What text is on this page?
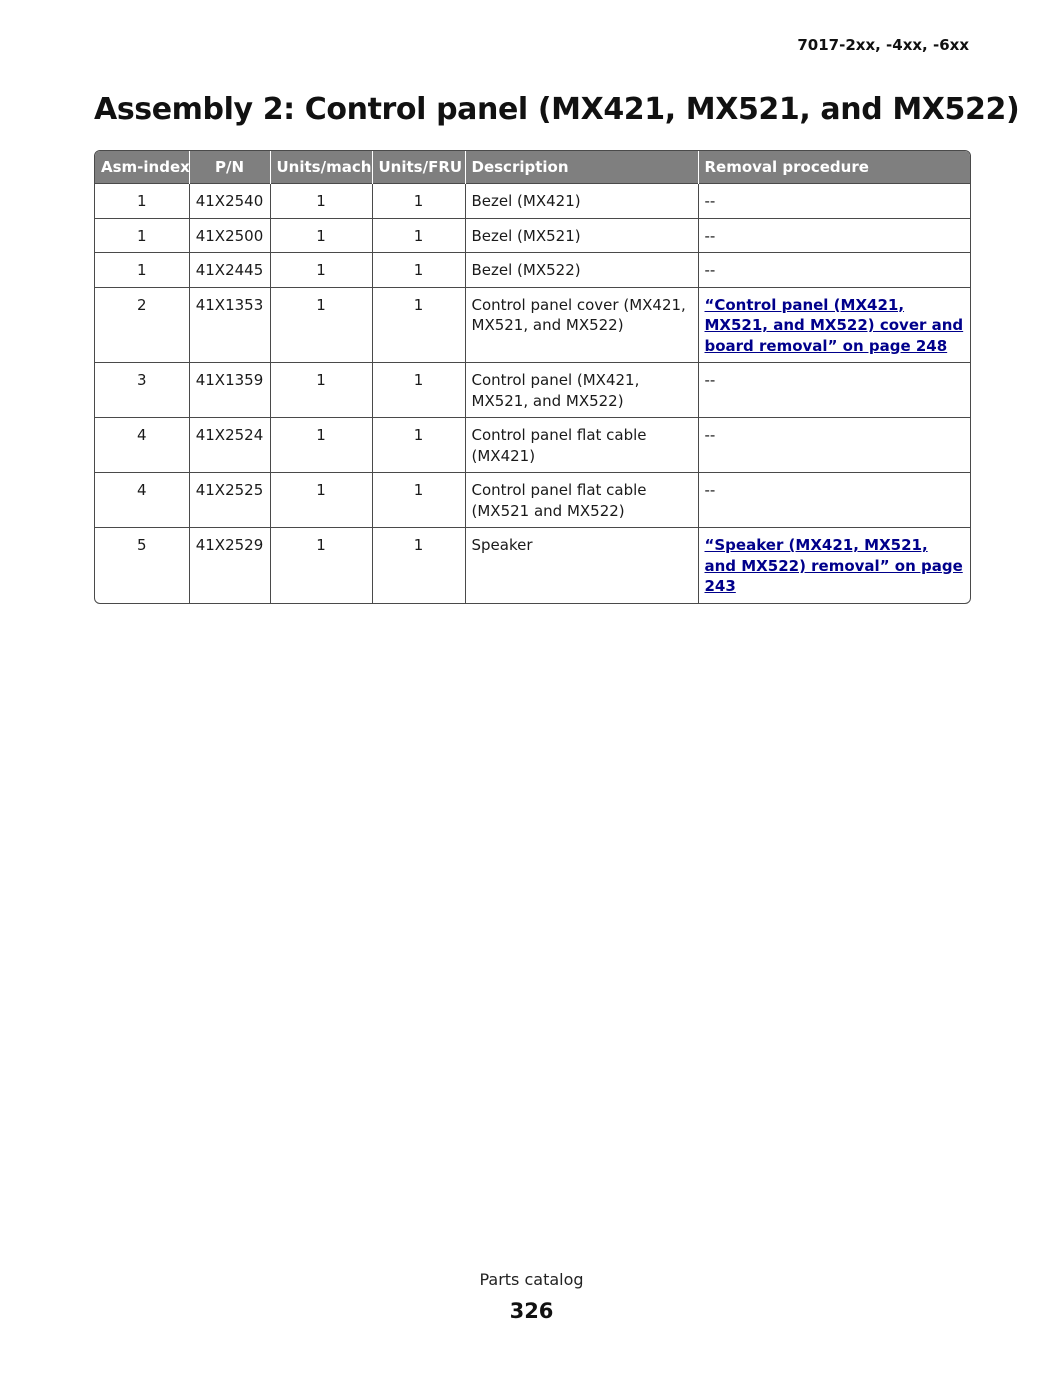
7017-2xx, -4xx, -6xx
Assembly 2: Control panel (MX421, MX521, and MX522)
Asm-index	P/N	Units/mach	Units/FRU	Description	Removal procedure
1	41X2540	1	1	Bezel (MX421)	--
1	41X2500	1	1	Bezel (MX521)	--
1	41X2445	1	1	Bezel (MX522)	--
2	41X1353	1	1	Control panel cover (MX421, MX521, and MX522)	“Control panel (MX421, MX521, and MX522) cover and board removal” on page 248
3	41X1359	1	1	Control panel (MX421, MX521, and MX522)	--
4	41X2524	1	1	Control panel flat cable (MX421)	--
4	41X2525	1	1	Control panel flat cable (MX521 and MX522)	--
5	41X2529	1	1	Speaker	“Speaker (MX421, MX521, and MX522) removal” on page 243
Parts catalog
326
